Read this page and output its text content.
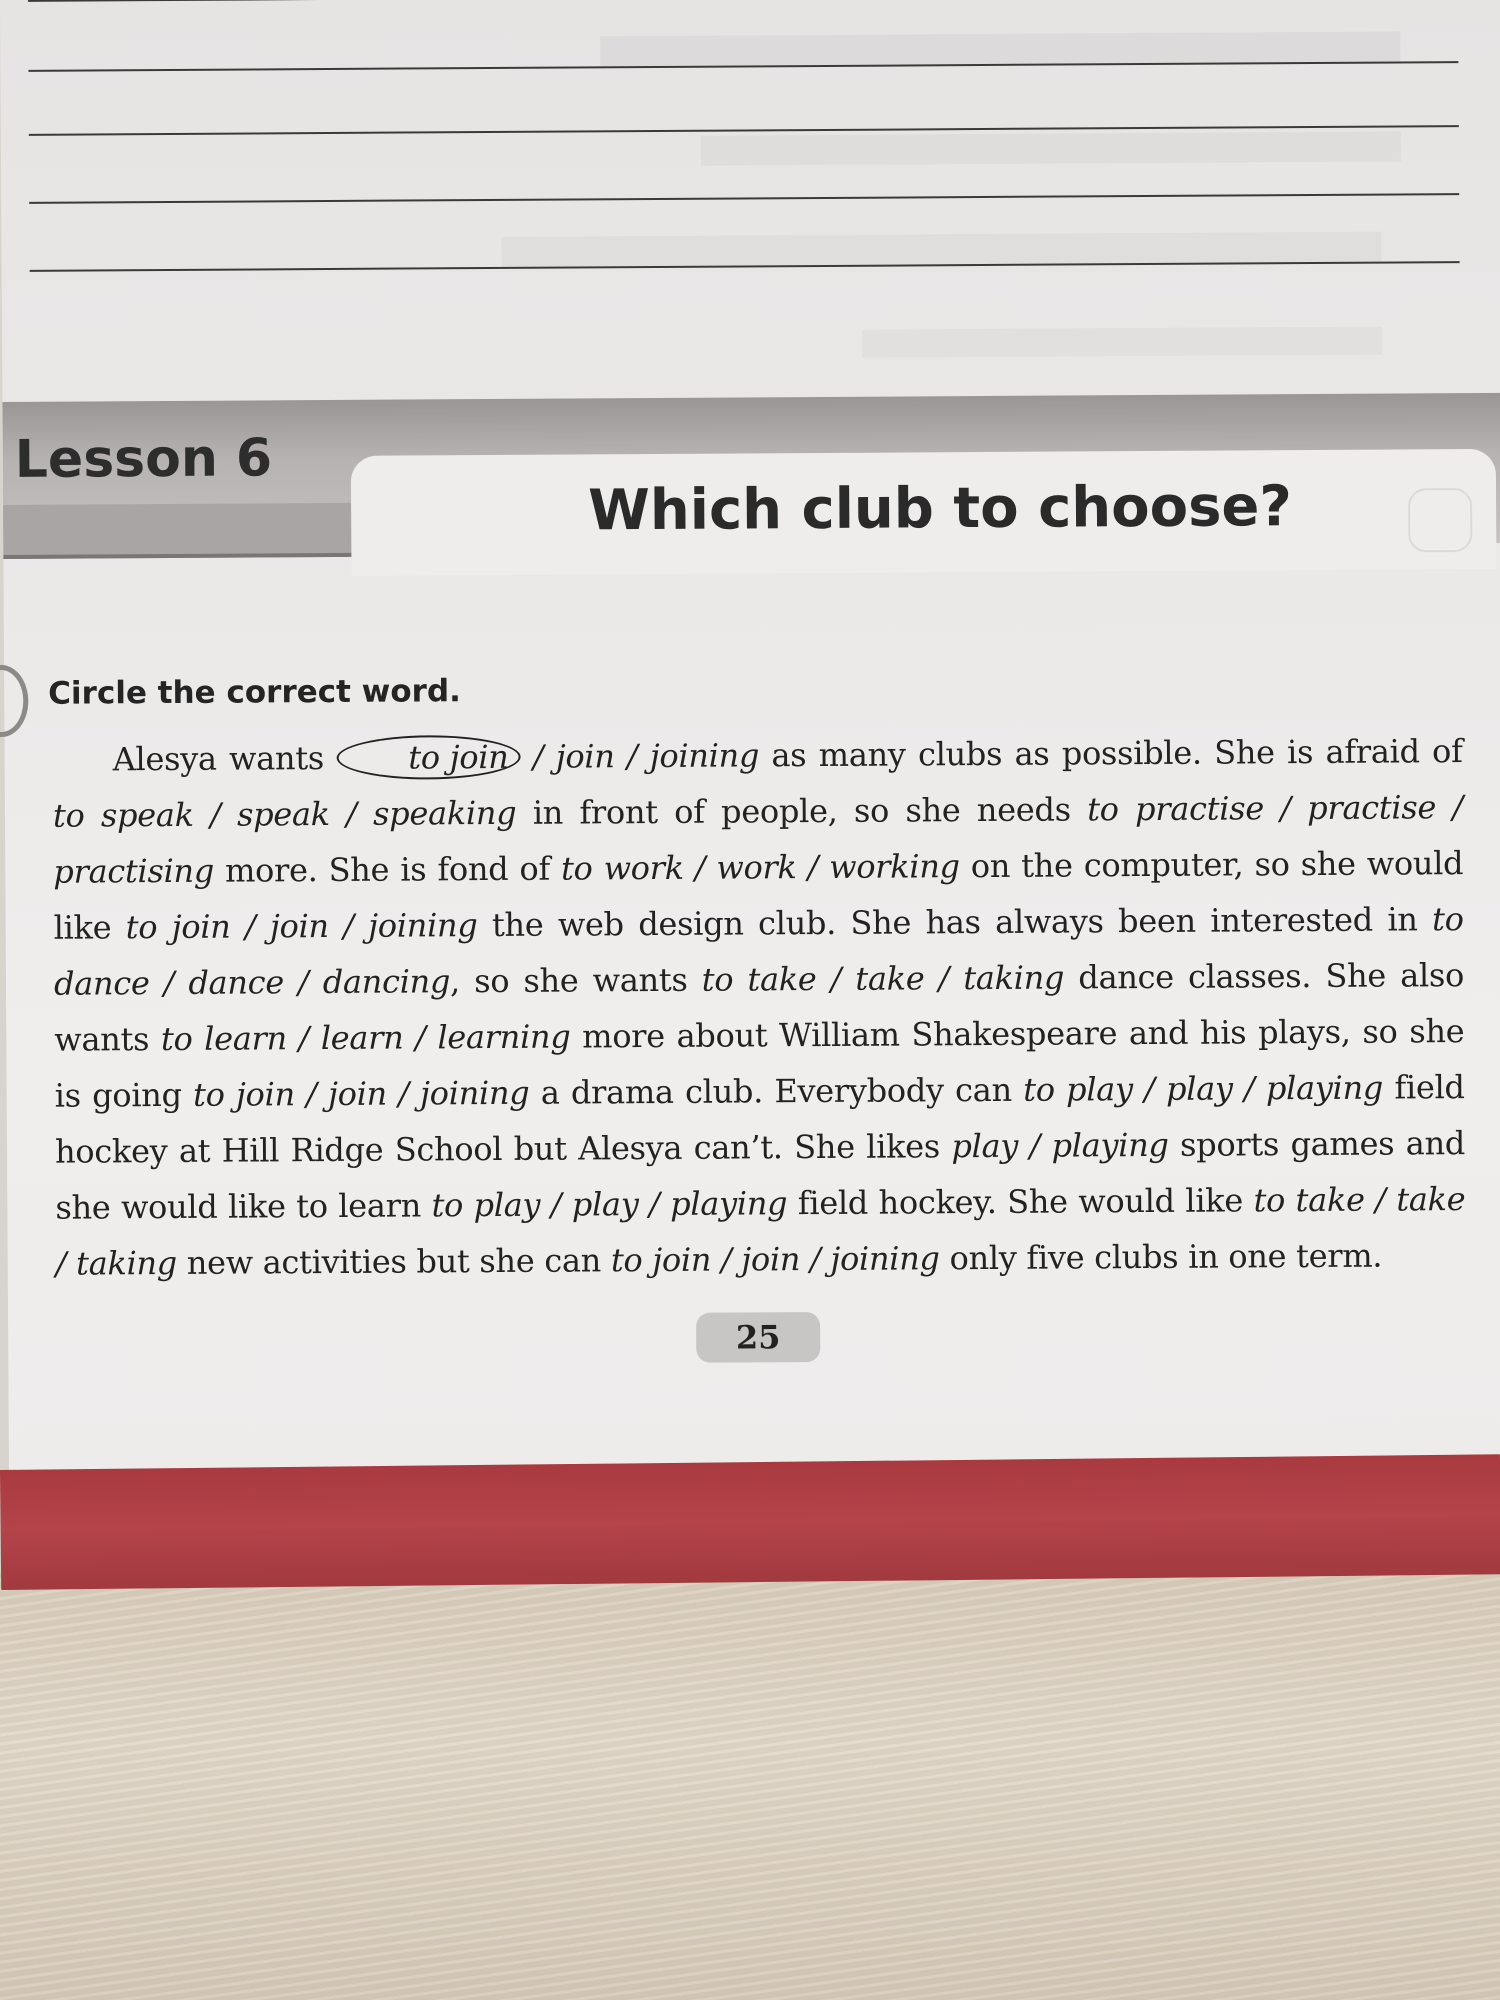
Lesson 6
Which club to choose?
Circle the correct word.
Alesya wants to join / join / joining as many clubs as possible. She is afraid of to speak / speak / speaking in front of people, so she needs to practise / practise / practising more. She is fond of to work / work / working on the computer, so she would like to join / join / joining the web design club. She has always been interested in to dance / dance / dancing, so she wants to take / take / taking dance classes. She also wants to learn / learn / learning more about William Shakespeare and his plays, so she is going to join / join / joining a drama club. Everybody can to play / play / playing field hockey at Hill Ridge School but Alesya can’t. She likes play / playing sports games and she would like to learn to play / play / playing field hockey. She would like to take / take / taking new activities but she can to join / join / joining only five clubs in one term.
25
